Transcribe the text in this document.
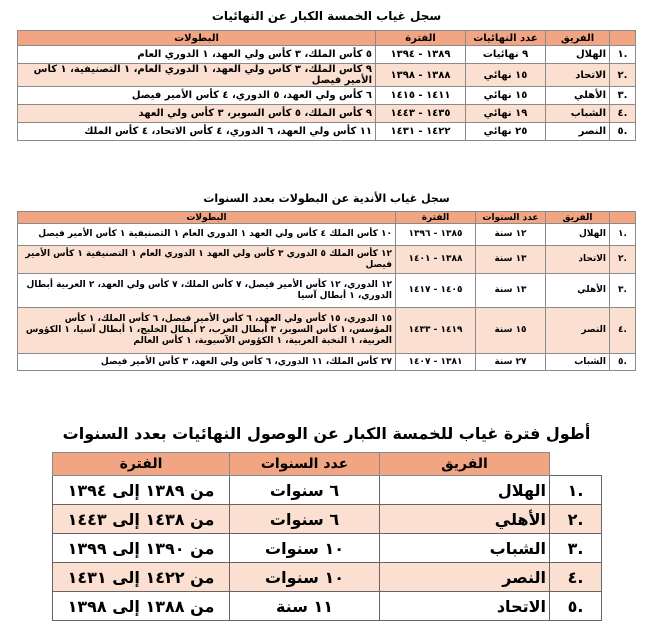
سجل غياب الخمسة الكبار عن النهائيات
	الفريق	عدد النهائيات	الفترة	البطولات
.١	الهلال	٩ نهائيات	١٣٨٩ - ١٣٩٤	٥ كأس الملك، ٣ كأس ولي العهد، ١ الدوري العام
.٢	الاتحاد	١٥ نهائي	١٣٨٨ - ١٣٩٨	٩ كأس الملك، ٣ كأس ولي العهد، ١ الدوري العام، ١ التصنيفية، ١ كأس الأمير فيصل
.٣	الأهلي	١٥ نهائي	١٤١١ - ١٤١٥	٦ كأس ولي العهد، ٥ الدوري، ٤ كأس الأمير فيصل
.٤	الشباب	١٩ نهائي	١٤٣٥ - ١٤٤٣	٩ كأس الملك، ٥ كأس السوبر، ٣ كأس ولي العهد
.٥	النصر	٢٥ نهائي	١٤٢٢ - ١٤٣١	١١ كأس ولي العهد، ٦ الدوري، ٤ كأس الاتحاد، ٤ كأس الملك
سجل غياب الأندية عن البطولات بعدد السنوات
	الفريق	عدد السنوات	الفترة	البطولات
.١	الهلال	١٢ سنة	١٣٨٥ - ١٣٩٦	١٠ كأس الملك ٤ كأس ولي العهد ١ الدوري العام ١ التصنيفية ١ كأس الأمير فيصل
.٢	الاتحاد	١٣ سنة	١٣٨٨ - ١٤٠١	١٢ كأس الملك ٥ الدوري ٣ كأس ولي العهد ١ الدوري العام ١ التصنيفية ١ كأس الأمير فيصل
.٣	الأهلي	١٣ سنة	١٤٠٥ - ١٤١٧	١٢ الدوري، ١٢ كأس الأمير فيصل، ٧ كأس الملك، ٧ كأس ولي العهد، ٢ العربية أبطال الدوري، ١ أبطال آسيا
.٤	النصر	١٥ سنة	١٤١٩ - ١٤٣٣	١٥ الدوري، ١٥ كأس ولي العهد، ٦ كأس الأمير فيصل، ٦ كأس الملك، ١ كأس المؤسس، ١ كأس السوبر، ٣ أبطال العرب، ٢ أبطال الخليج، ١ أبطال آسيا، ١ الكؤوس العربية، ١ النخبة العربية، ١ الكؤوس الآسيوية، ١ كأس العالم
.٥	الشباب	٢٧ سنة	١٣٨١ - ١٤٠٧	٢٧ كأس الملك، ١١ الدوري، ٦ كأس ولي العهد، ٣ كأس الأمير فيصل
أطول فترة غياب للخمسة الكبار عن الوصول النهائيات بعدد السنوات
	الفريق	عدد السنوات	الفترة
.١	الهلال	٦ سنوات	من ١٣٨٩ إلى ١٣٩٤
.٢	الأهلي	٦ سنوات	من ١٤٣٨ إلى ١٤٤٣
.٣	الشباب	١٠ سنوات	من ١٣٩٠ إلى ١٣٩٩
.٤	النصر	١٠ سنوات	من ١٤٢٢ إلى ١٤٣١
.٥	الاتحاد	١١ سنة	من ١٣٨٨ إلى ١٣٩٨
